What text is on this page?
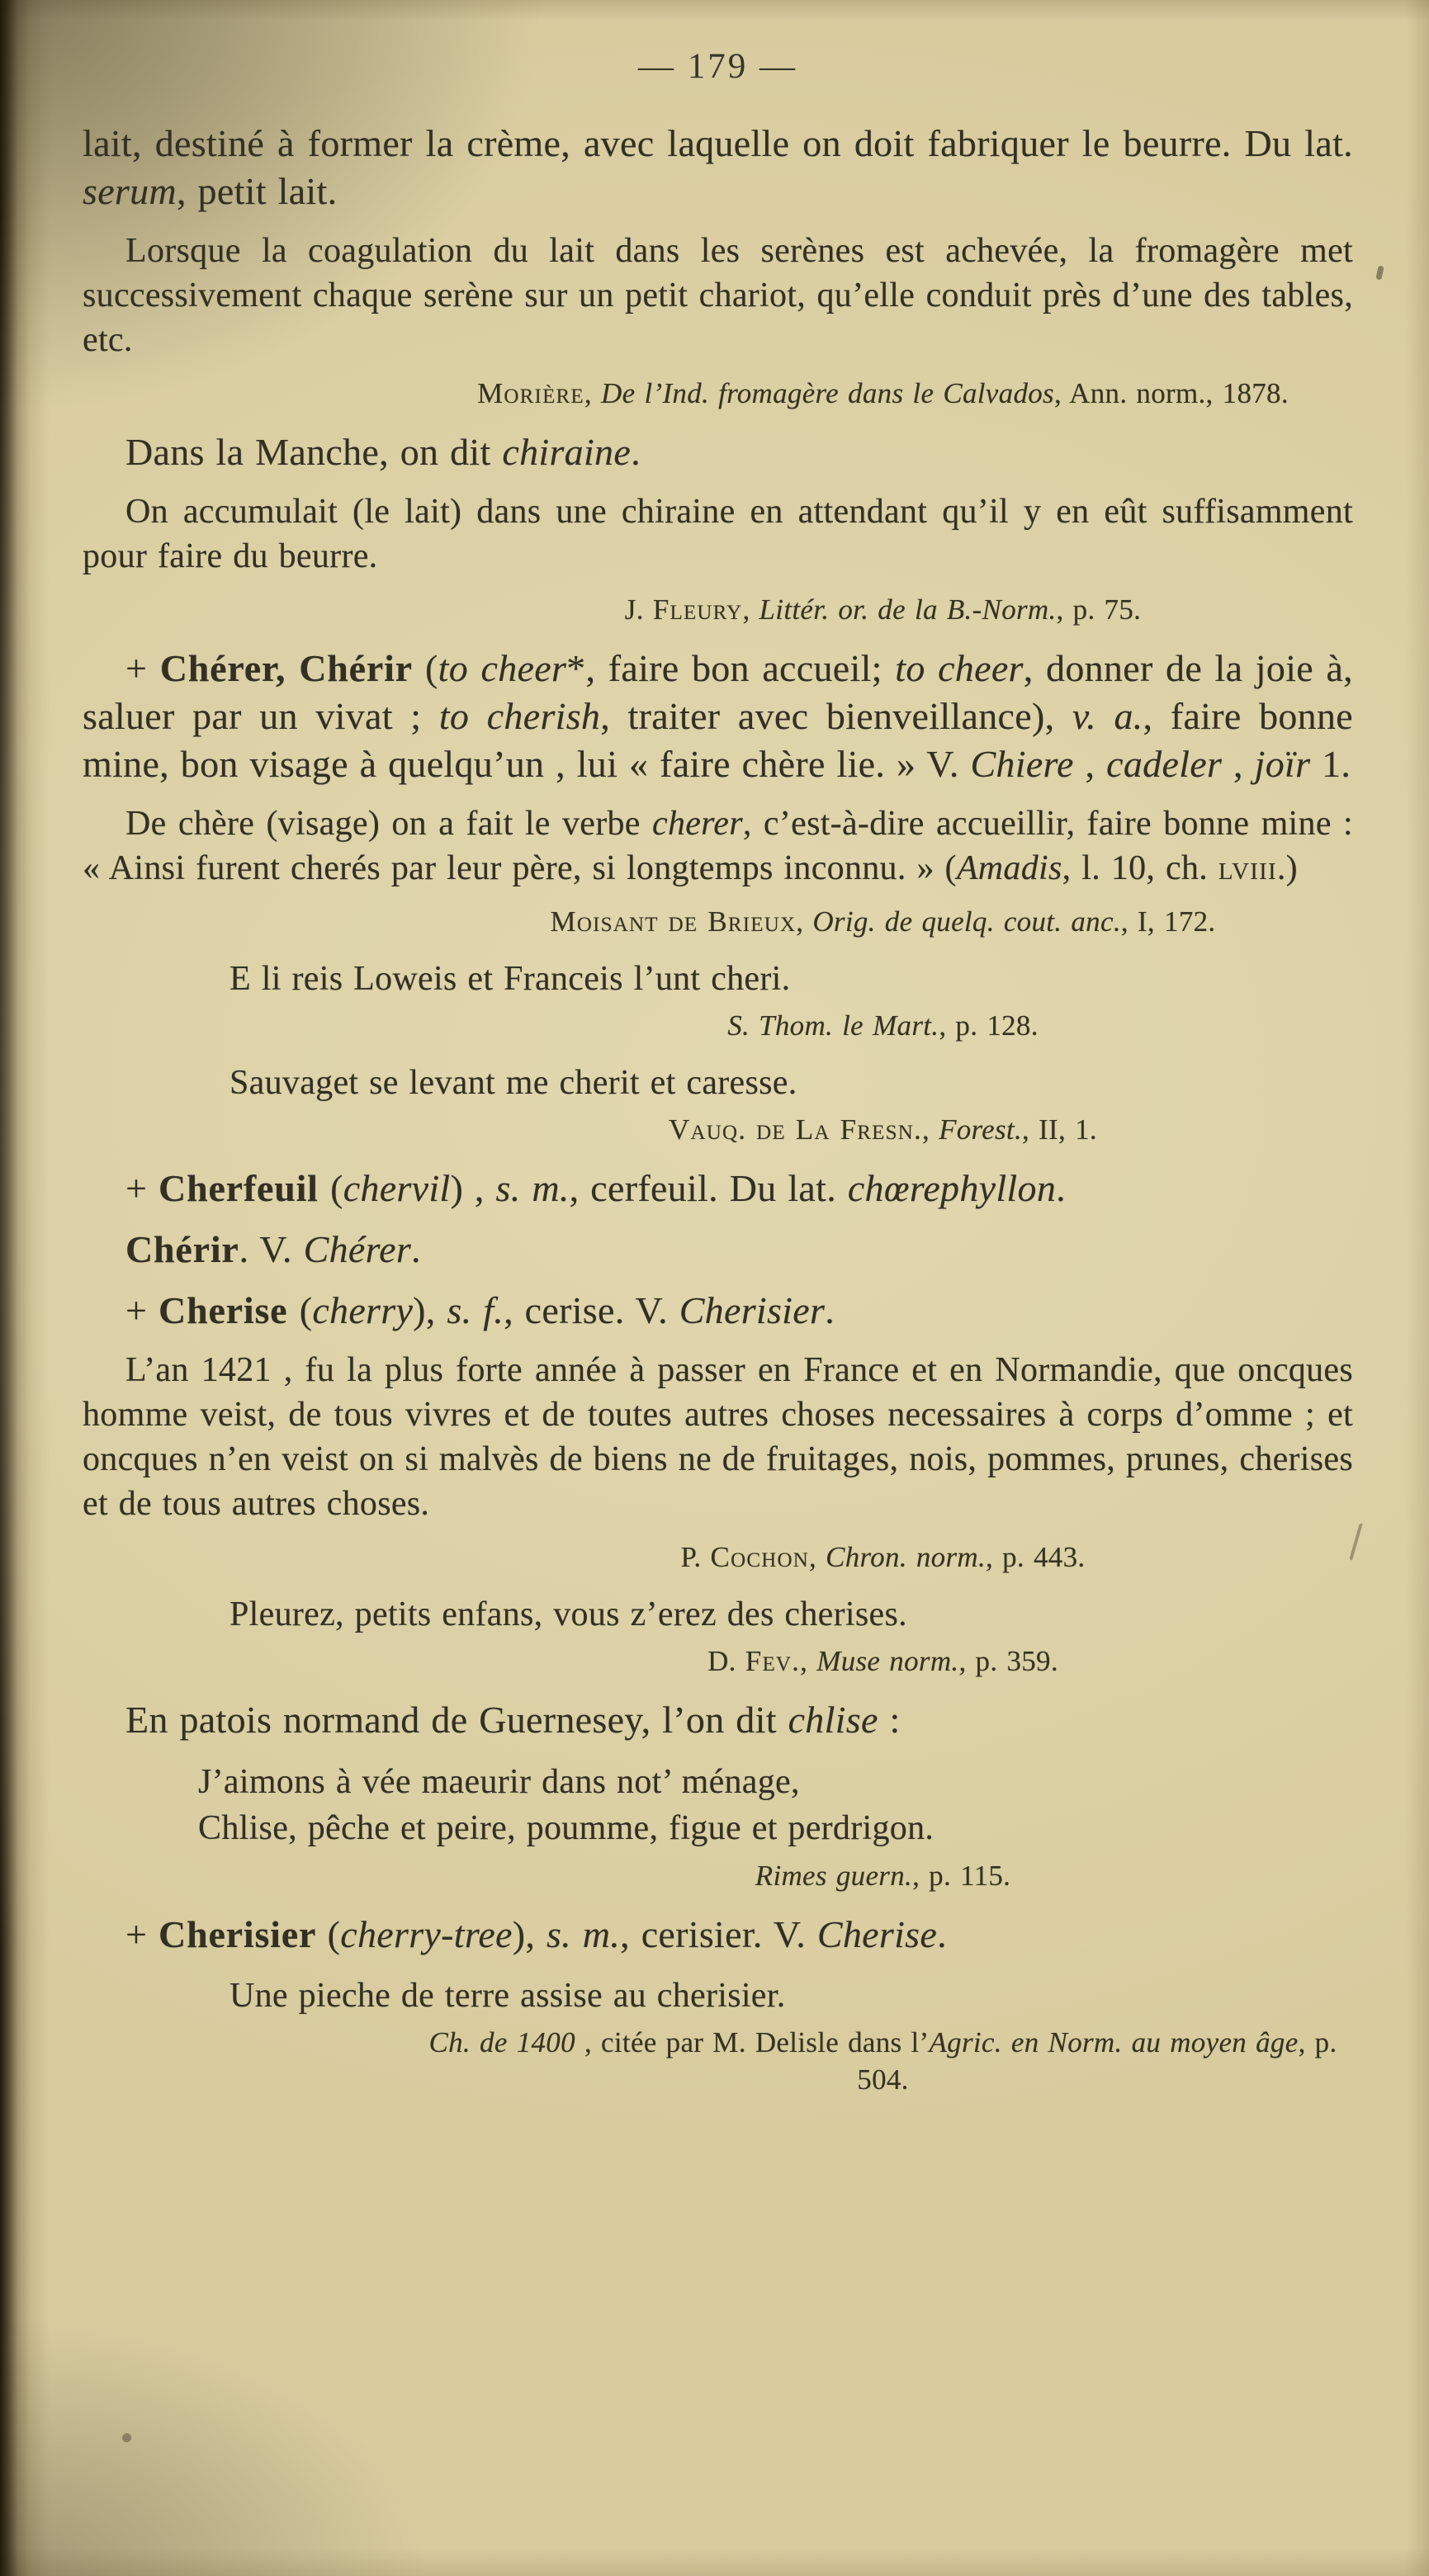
— 179 —

lait, destiné à former la crème, avec laquelle on doit fabriquer le beurre. Du lat. serum, petit lait.

Lorsque la coagulation du lait dans les serènes est achevée, la fromagère met successivement chaque serène sur un petit chariot, qu’elle conduit près d’une des tables, etc.

Morière, De l’Ind. fromagère dans le Calvados, Ann. norm., 1878.

Dans la Manche, on dit chiraine.

On accumulait (le lait) dans une chiraine en attendant qu’il y en eût suffisamment pour faire du beurre.

J. Fleury, Littér. or. de la B.-Norm., p. 75.

+ Chérer, Chérir (to cheer*, faire bon accueil; to cheer, donner de la joie à, saluer par un vivat ; to cherish, traiter avec bienveillance), v. a., faire bonne mine, bon visage à quelqu’un , lui « faire chère lie. » V. Chiere , cadeler , joïr 1.

De chère (visage) on a fait le verbe cherer, c’est-à-dire accueillir, faire bonne mine : « Ainsi furent cherés par leur père, si longtemps inconnu. » (Amadis, l. 10, ch. lviii.)

Moisant de Brieux, Orig. de quelq. cout. anc., I, 172.

E li reis Loweis et Franceis l’unt cheri.

S. Thom. le Mart., p. 128.

Sauvaget se levant me cherit et caresse.

Vauq. de La Fresn., Forest., II, 1.

+ Cherfeuil (chervil) , s. m., cerfeuil. Du lat. chœrephyllon.

Chérir. V. Chérer.

+ Cherise (cherry), s. f., cerise. V. Cherisier.

L’an 1421 , fu la plus forte année à passer en France et en Normandie, que oncques homme veist, de tous vivres et de toutes autres choses necessaires à corps d’omme ; et oncques n’en veist on si malvès de biens ne de fruitages, nois, pommes, prunes, cherises et de tous autres choses.

P. Cochon, Chron. norm., p. 443.

Pleurez, petits enfans, vous z’erez des cherises.

D. Fev., Muse norm., p. 359.

En patois normand de Guernesey, l’on dit chlise :

J’aimons à vée maeurir dans not’ ménage,
Chlise, pêche et peire, poumme, figue et perdrigon.

Rimes guern., p. 115.

+ Cherisier (cherry-tree), s. m., cerisier. V. Cherise.

Une pieche de terre assise au cherisier.

Ch. de 1400 , citée par M. Delisle dans l’Agric. en Norm. au moyen âge, p. 504.
